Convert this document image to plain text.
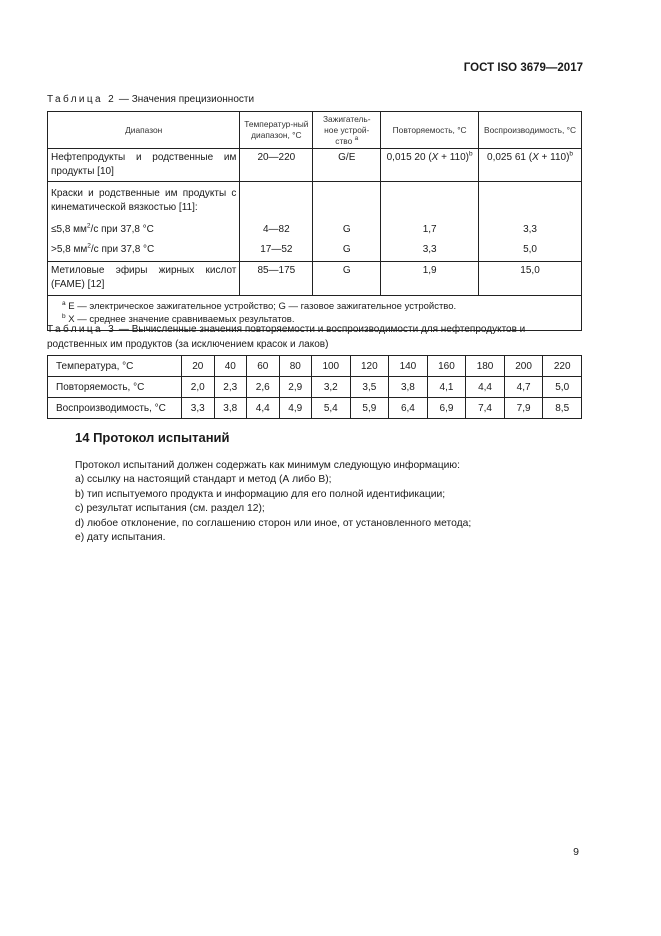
ГОСТ ISO 3679—2017
Таблица 2 — Значения прецизионности
Диапазон	Температур-ный диапазон, °С	Зажигатель-ное устрой-ство $^a$	Повторяемость, °С	Воспроизводимость, °С
Нефтепродукты и родственные им продукты [10]	20—220	G/E	0,015 20 $(X + 110)^b$	0,025 61 $(X + 110)^b$
Краски и родственные им продукты с кинематической вязкостью [11]:				
≤5,8 $мм^2/с$ при 37,8 °С	4—82	G	1,7	3,3
>5,8 $мм^2/с$ при 37,8 °С	17—52	G	3,3	5,0
Метиловые эфиры жирных кислот (FAME) [12]	85—175	G	1,9	15,0

$^a$ E — электрическое зажигательное устройство; G — газовое зажигательное устройство.
$^b$ X — среднее значение сравниваемых результатов.				
Таблица 3 — Вычисленные значения повторяемости и воспроизводимости для нефтепродуктов и родственных им продуктов (за исключением красок и лаков)
Температура, °С	20	40	60	80	100	120	140	160	180	200	220
Повторяемость, °С	2,0	2,3	2,6	2,9	3,2	3,5	3,8	4,1	4,4	4,7	5,0
Воспроизводимость, °С	3,3	3,8	4,4	4,9	5,4	5,9	6,4	6,9	7,4	7,9	8,5
14 Протокол испытаний
Протокол испытаний должен содержать как минимум следующую информацию:
a) ссылку на настоящий стандарт и метод (А либо В);
b) тип испытуемого продукта и информацию для его полной идентификации;
c) результат испытания (см. раздел 12);
d) любое отклонение, по соглашению сторон или иное, от установленного метода;
e) дату испытания.
9
